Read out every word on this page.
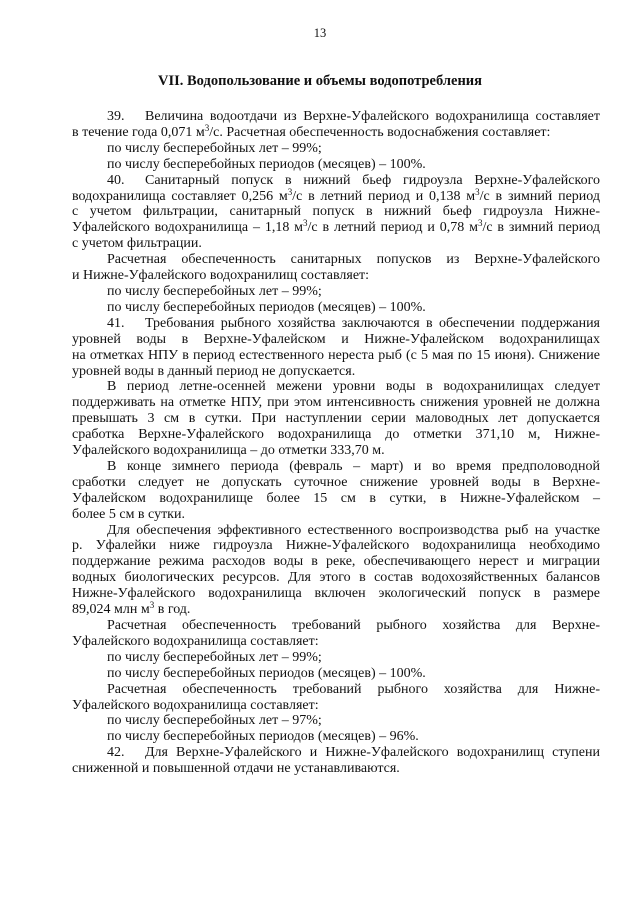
13
VII. Водопользование и объемы водопотребления

39. Величина водоотдачи из Верхне-Уфалейского водохранилища составляет

в течение года 0,071 $м^3/с$. Расчетная обеспеченность водоснабжения составляет:

по числу бесперебойных лет – 99%;

по числу бесперебойных периодов (месяцев) – 100%.

40. Санитарный попуск в нижний бьеф гидроузла Верхне-Уфалейского

водохранилища составляет 0,256 $м^3/с$ в летний период и 0,138 $м^3/с$ в зимний период

с учетом фильтрации, санитарный попуск в нижний бьеф гидроузла Нижне-

Уфалейского водохранилища – 1,18 $м^3/с$ в летний период и 0,78 $м^3/с$ в зимний период

с учетом фильтрации.

Расчетная обеспеченность санитарных попусков из Верхне-Уфалейского

и Нижне-Уфалейского водохранилищ составляет:

по числу бесперебойных лет – 99%;

по числу бесперебойных периодов (месяцев) – 100%.

41. Требования рыбного хозяйства заключаются в обеспечении поддержания

уровней воды в Верхне-Уфалейском и Нижне-Уфалейском водохранилищах

на отметках НПУ в период естественного нереста рыб (с 5 мая по 15 июня). Снижение

уровней воды в данный период не допускается.

В период летне-осенней межени уровни воды в водохранилищах следует

поддерживать на отметке НПУ, при этом интенсивность снижения уровней не должна

превышать 3 см в сутки. При наступлении серии маловодных лет допускается

сработка Верхне-Уфалейского водохранилища до отметки 371,10 м, Нижне-

Уфалейского водохранилища – до отметки 333,70 м.

В конце зимнего периода (февраль – март) и во время предполоводной

сработки следует не допускать суточное снижение уровней воды в Верхне-

Уфалейском водохранилище более 15 см в сутки, в Нижне-Уфалейском –

более 5 см в сутки.

Для обеспечения эффективного естественного воспроизводства рыб на участке

р. Уфалейки ниже гидроузла Нижне-Уфалейского водохранилища необходимо

поддержание режима расходов воды в реке, обеспечивающего нерест и миграции

водных биологических ресурсов. Для этого в состав водохозяйственных балансов

Нижне-Уфалейского водохранилища включен экологический попуск в размере

89,024 млн $м^3$ в год.

Расчетная обеспеченность требований рыбного хозяйства для Верхне-

Уфалейского водохранилища составляет:

по числу бесперебойных лет – 99%;

по числу бесперебойных периодов (месяцев) – 100%.

Расчетная обеспеченность требований рыбного хозяйства для Нижне-

Уфалейского водохранилища составляет:

по числу бесперебойных лет – 97%;

по числу бесперебойных периодов (месяцев) – 96%.

42. Для Верхне-Уфалейского и Нижне-Уфалейского водохранилищ ступени

сниженной и повышенной отдачи не устанавливаются.
